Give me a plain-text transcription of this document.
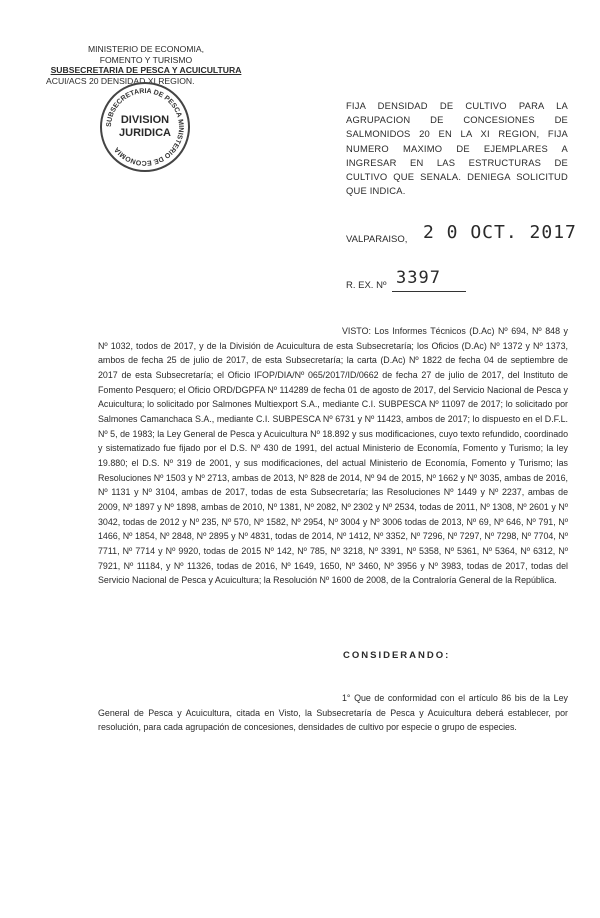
MINISTERIO DE ECONOMIA,
FOMENTO Y TURISMO
SUBSECRETARIA DE PESCA Y ACUICULTURA
ACUI/ACS 20 DENSIDAD XI REGION.
SUBSECRETARIA DE PESCA MINISTERIO DE ECONOMIA
DIVISION
JURIDICA
FIJA DENSIDAD DE CULTIVO PARA LA AGRUPACION DE CONCESIONES DE SALMONIDOS 20 EN LA XI REGION, FIJA NUMERO MAXIMO DE EJEMPLARES A INGRESAR EN LAS ESTRUCTURAS DE CULTIVO QUE SENALA. DENIEGA SOLICITUD QUE INDICA.
VALPARAISO, 2 0 OCT. 2017
R. EX. Nº 3397

VISTO: Los Informes Técnicos (D.Ac) Nº 694, Nº 848 y Nº 1032, todos de 2017, y de la División de Acuicultura de esta Subsecretaría; los Oficios (D.Ac) Nº 1372 y Nº 1373, ambos de fecha 25 de julio de 2017, de esta Subsecretaría; la carta (D.Ac) Nº 1822 de fecha 04 de septiembre de 2017 de esta Subsecretaría; el Oficio IFOP/DIA/Nº 065/2017/ID/0662 de fecha 27 de julio de 2017, del Instituto de Fomento Pesquero; el Oficio ORD/DGPFA Nº 114289 de fecha 01 de agosto de 2017, del Servicio Nacional de Pesca y Acuicultura; lo solicitado por Salmones Multiexport S.A., mediante C.I. SUBPESCA Nº 11097 de 2017; lo solicitado por Salmones Camanchaca S.A., mediante C.I. SUBPESCA Nº 6731 y Nº 11423, ambos de 2017; lo dispuesto en el D.F.L. Nº 5, de 1983; la Ley General de Pesca y Acuicultura Nº 18.892 y sus modificaciones, cuyo texto refundido, coordinado y sistematizado fue fijado por el D.S. Nº 430 de 1991, del actual Ministerio de Economía, Fomento y Turismo; la ley 19.880; el D.S. Nº 319 de 2001, y sus modificaciones, del actual Ministerio de Economía, Fomento y Turismo; las Resoluciones Nº 1503 y Nº 2713, ambas de 2013, Nº 828 de 2014, Nº 94 de 2015, Nº 1662 y Nº 3035, ambas de 2016, Nº 1131 y Nº 3104, ambas de 2017, todas de esta Subsecretaría; las Resoluciones Nº 1449 y Nº 2237, ambas de 2009, Nº 1897 y Nº 1898, ambas de 2010, Nº 1381, Nº 2082, Nº 2302 y Nº 2534, todas de 2011, Nº 1308, Nº 2601 y Nº 3042, todas de 2012 y Nº 235, Nº 570, Nº 1582, Nº 2954, Nº 3004 y Nº 3006 todas de 2013, Nº 69, Nº 646, Nº 791, Nº 1466, Nº 1854, Nº 2848, Nº 2895 y Nº 4831, todas de 2014, Nº 1412, Nº 3352, Nº 7296, Nº 7297, Nº 7298, Nº 7704, Nº 7711, Nº 7714 y Nº 9920, todas de 2015 Nº 142, Nº 785, Nº 3218, Nº 3391, Nº 5358, Nº 5361, Nº 5364, Nº 6312, Nº 7921, Nº 11184, y Nº 11326, todas de 2016, Nº 1649, 1650, Nº 3460, Nº 3956 y Nº 3983, todas de 2017, todas del Servicio Nacional de Pesca y Acuicultura; la Resolución Nº 1600 de 2008, de la Contraloría General de la República.

CONSIDERANDO:

1° Que de conformidad con el artículo 86 bis de la Ley General de Pesca y Acuicultura, citada en Visto, la Subsecretaría de Pesca y Acuicultura deberá establecer, por resolución, para cada agrupación de concesiones, densidades de cultivo por especie o grupo de especies.
